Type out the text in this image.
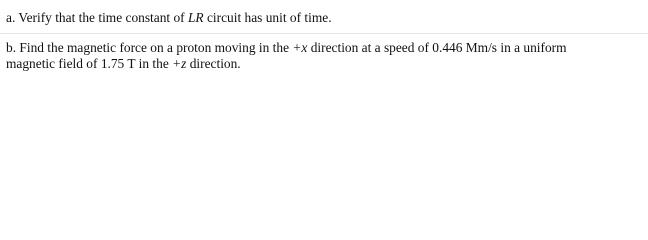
a. Verify that the time constant of LR circuit has unit of time.
b. Find the magnetic force on a proton moving in the +x direction at a speed of 0.446 Mm/s in a uniform
magnetic field of 1.75 T in the +z direction.
